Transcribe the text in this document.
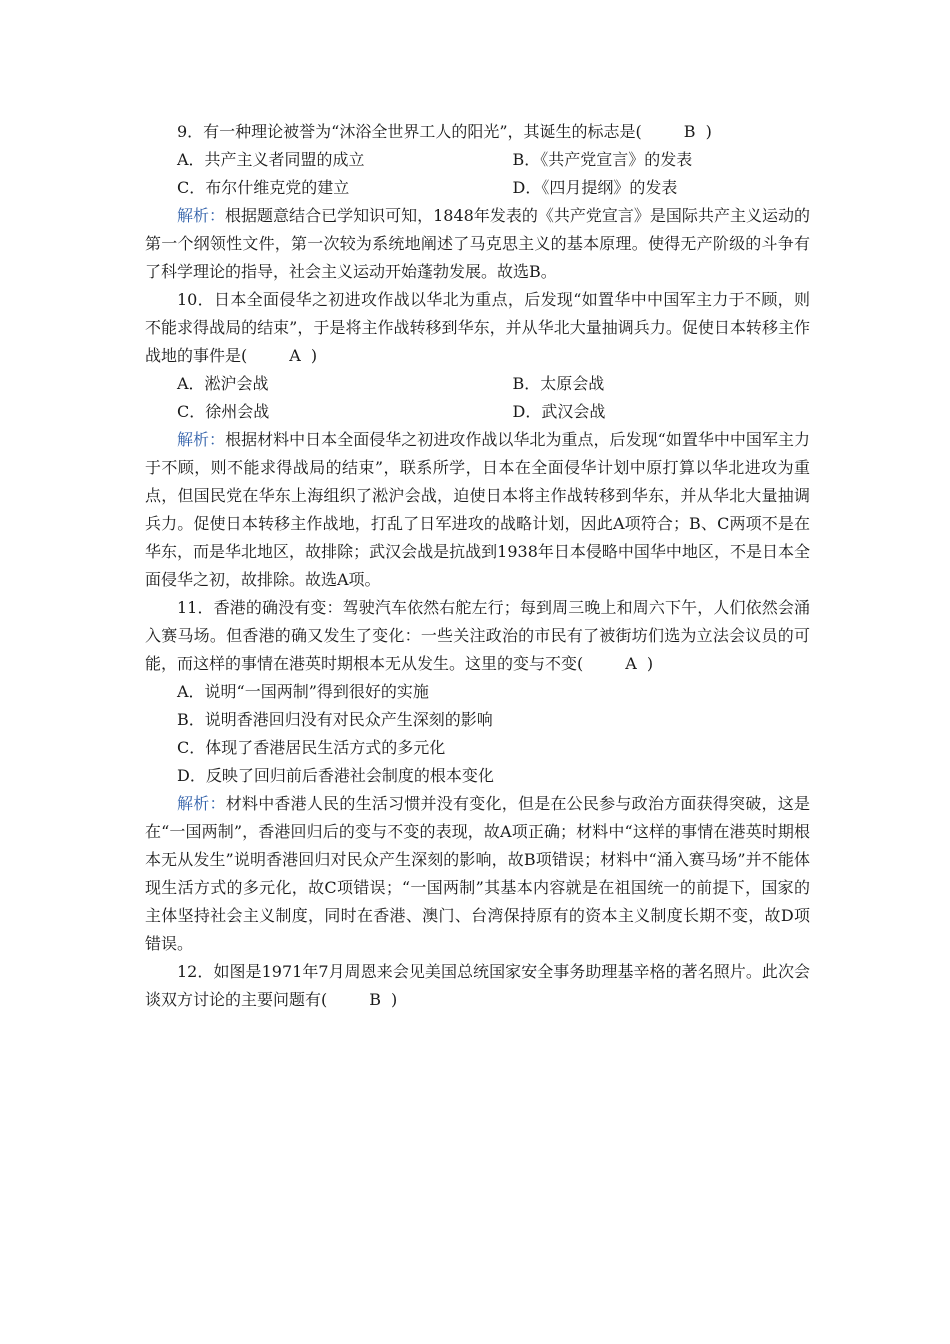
9．有一种理论被誉为“沐浴全世界工人的阳光”，其诞生的标志是(	B )

A．共产主义者同盟的成立	B．《共产党宣言》的发表
C．布尔什维克党的建立	D．《四月提纲》的发表

解析：根据题意结合已学知识可知，1848年发表的《共产党宣言》是国际共产主义运动的第一个纲领性文件，第一次较为系统地阐述了马克思主义的基本原理。使得无产阶级的斗争有了科学理论的指导，社会主义运动开始蓬勃发展。故选B。

10．日本全面侵华之初进攻作战以华北为重点，后发现“如置华中中国军主力于不顾，则不能求得战局的结束”，于是将主作战转移到华东，并从华北大量抽调兵力。促使日本转移主作战地的事件是(	A )

A．淞沪会战	B．太原会战
C．徐州会战	D．武汉会战

解析：根据材料中日本全面侵华之初进攻作战以华北为重点，后发现“如置华中中国军主力于不顾，则不能求得战局的结束”，联系所学，日本在全面侵华计划中原打算以华北进攻为重点，但国民党在华东上海组织了淞沪会战，迫使日本将主作战转移到华东，并从华北大量抽调兵力。促使日本转移主作战地，打乱了日军进攻的战略计划，因此A项符合；B、C两项不是在华东，而是华北地区，故排除；武汉会战是抗战到1938年日本侵略中国华中地区，不是日本全面侵华之初，故排除。故选A项。

11．香港的确没有变：驾驶汽车依然右舵左行；每到周三晚上和周六下午，人们依然会涌入赛马场。但香港的确又发生了变化：一些关注政治的市民有了被街坊们选为立法会议员的可能，而这样的事情在港英时期根本无从发生。这里的变与不变(	A )

A．说明“一国两制”得到很好的实施
B．说明香港回归没有对民众产生深刻的影响
C．体现了香港居民生活方式的多元化
D．反映了回归前后香港社会制度的根本变化

解析：材料中香港人民的生活习惯并没有变化，但是在公民参与政治方面获得突破，这是在“一国两制”，香港回归后的变与不变的表现，故A项正确；材料中“这样的事情在港英时期根本无从发生”说明香港回归对民众产生深刻的影响，故B项错误；材料中“涌入赛马场”并不能体现生活方式的多元化，故C项错误；“一国两制”其基本内容就是在祖国统一的前提下，国家的主体坚持社会主义制度，同时在香港、澳门、台湾保持原有的资本主义制度长期不变，故D项错误。

12．如图是1971年7月周恩来会见美国总统国家安全事务助理基辛格的著名照片。此次会谈双方讨论的主要问题有(	B )
